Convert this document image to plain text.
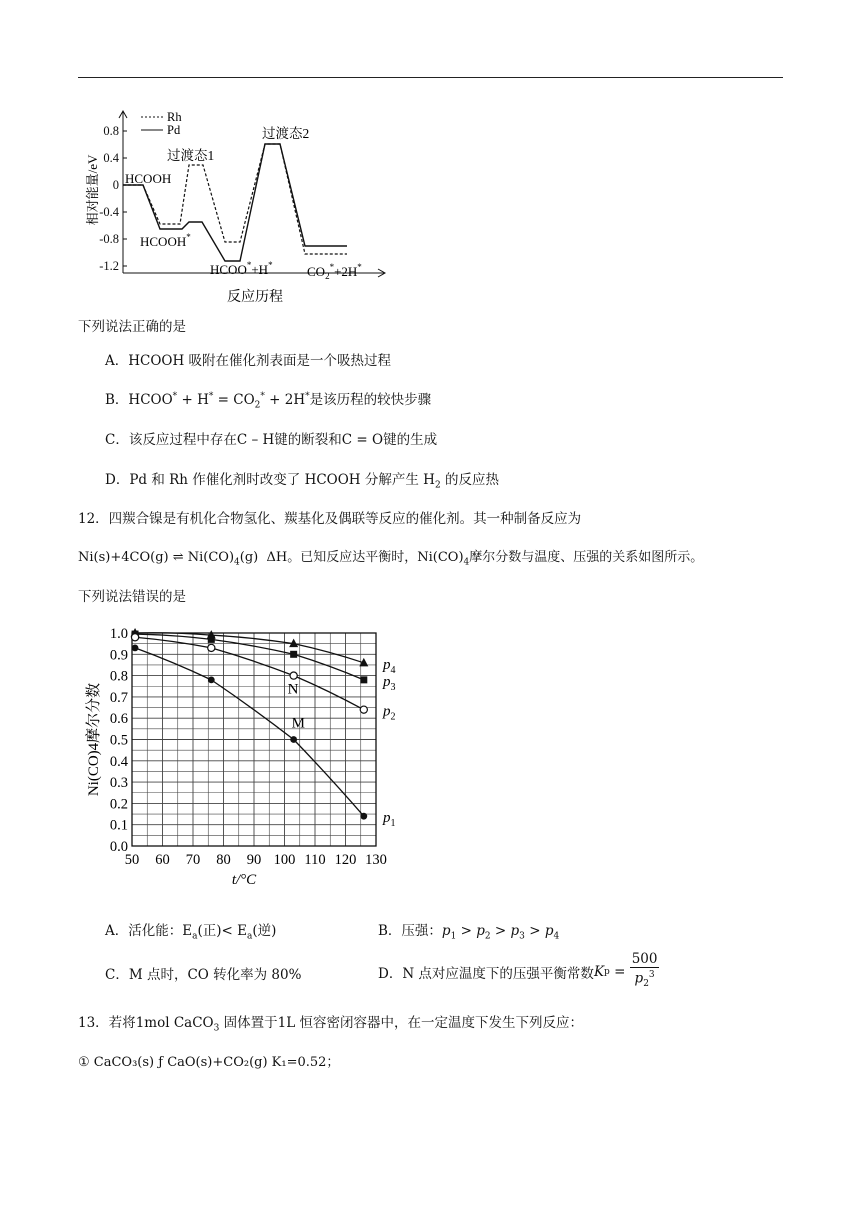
0.8
0.4
0
-0.4
-0.8
-1.2
相对能量/eV
反应历程
Rh
Pd
HCOOH
过渡态1
过渡态2
HCOOH*
HCOO*+H*	$CO_2^*+2H^*$
下列说法正确的是
A．HCOOH 吸附在催化剂表面是一个吸热过程
B．HCOO* + $H^* = CO_2^* + 2H^*$是该历程的较快步骤
C．该反应过程中存在C – H键的断裂和C = O键的生成
D．Pd 和 Rh 作催化剂时改变了 HCOOH 分解产生 $H_2$ 的反应热
12．四羰合镍是有机化合物氢化、羰基化及偶联等反应的催化剂。其一种制备反应为
Ni(s)+4CO(g) ⇌ $Ni(CO)_4(g)$  ΔH。已知反应达平衡时，$Ni(CO)_4$摩尔分数与温度、压强的关系如图所示。
下列说法错误的是
50 60 70 80 90 100 110 120 130
0.0
0.1
0.2
0.3
0.4
0.5
0.6
0.7
0.8
0.9
1.0
t/°C
Ni(CO)4摩尔分数
$p_4$
$p_3$
$p_2$
$p_1$
N
M
A．活化能：$E_a$(正)< $E_a$(逆)	B．压强：$p_1 > p_2 > p_3 > p_4$
C．M 点时，CO 转化率为 80%	D．N 点对应温度下的压强平衡常数$Kp = \frac{500}{p_2^3}$
13．若将1mol CaCO$_3$ 固体置于1L 恒容密闭容器中，在一定温度下发生下列反应：
① CaCO₃(s) ƒ CaO(s)+CO₂(g) K₁=0.52；
